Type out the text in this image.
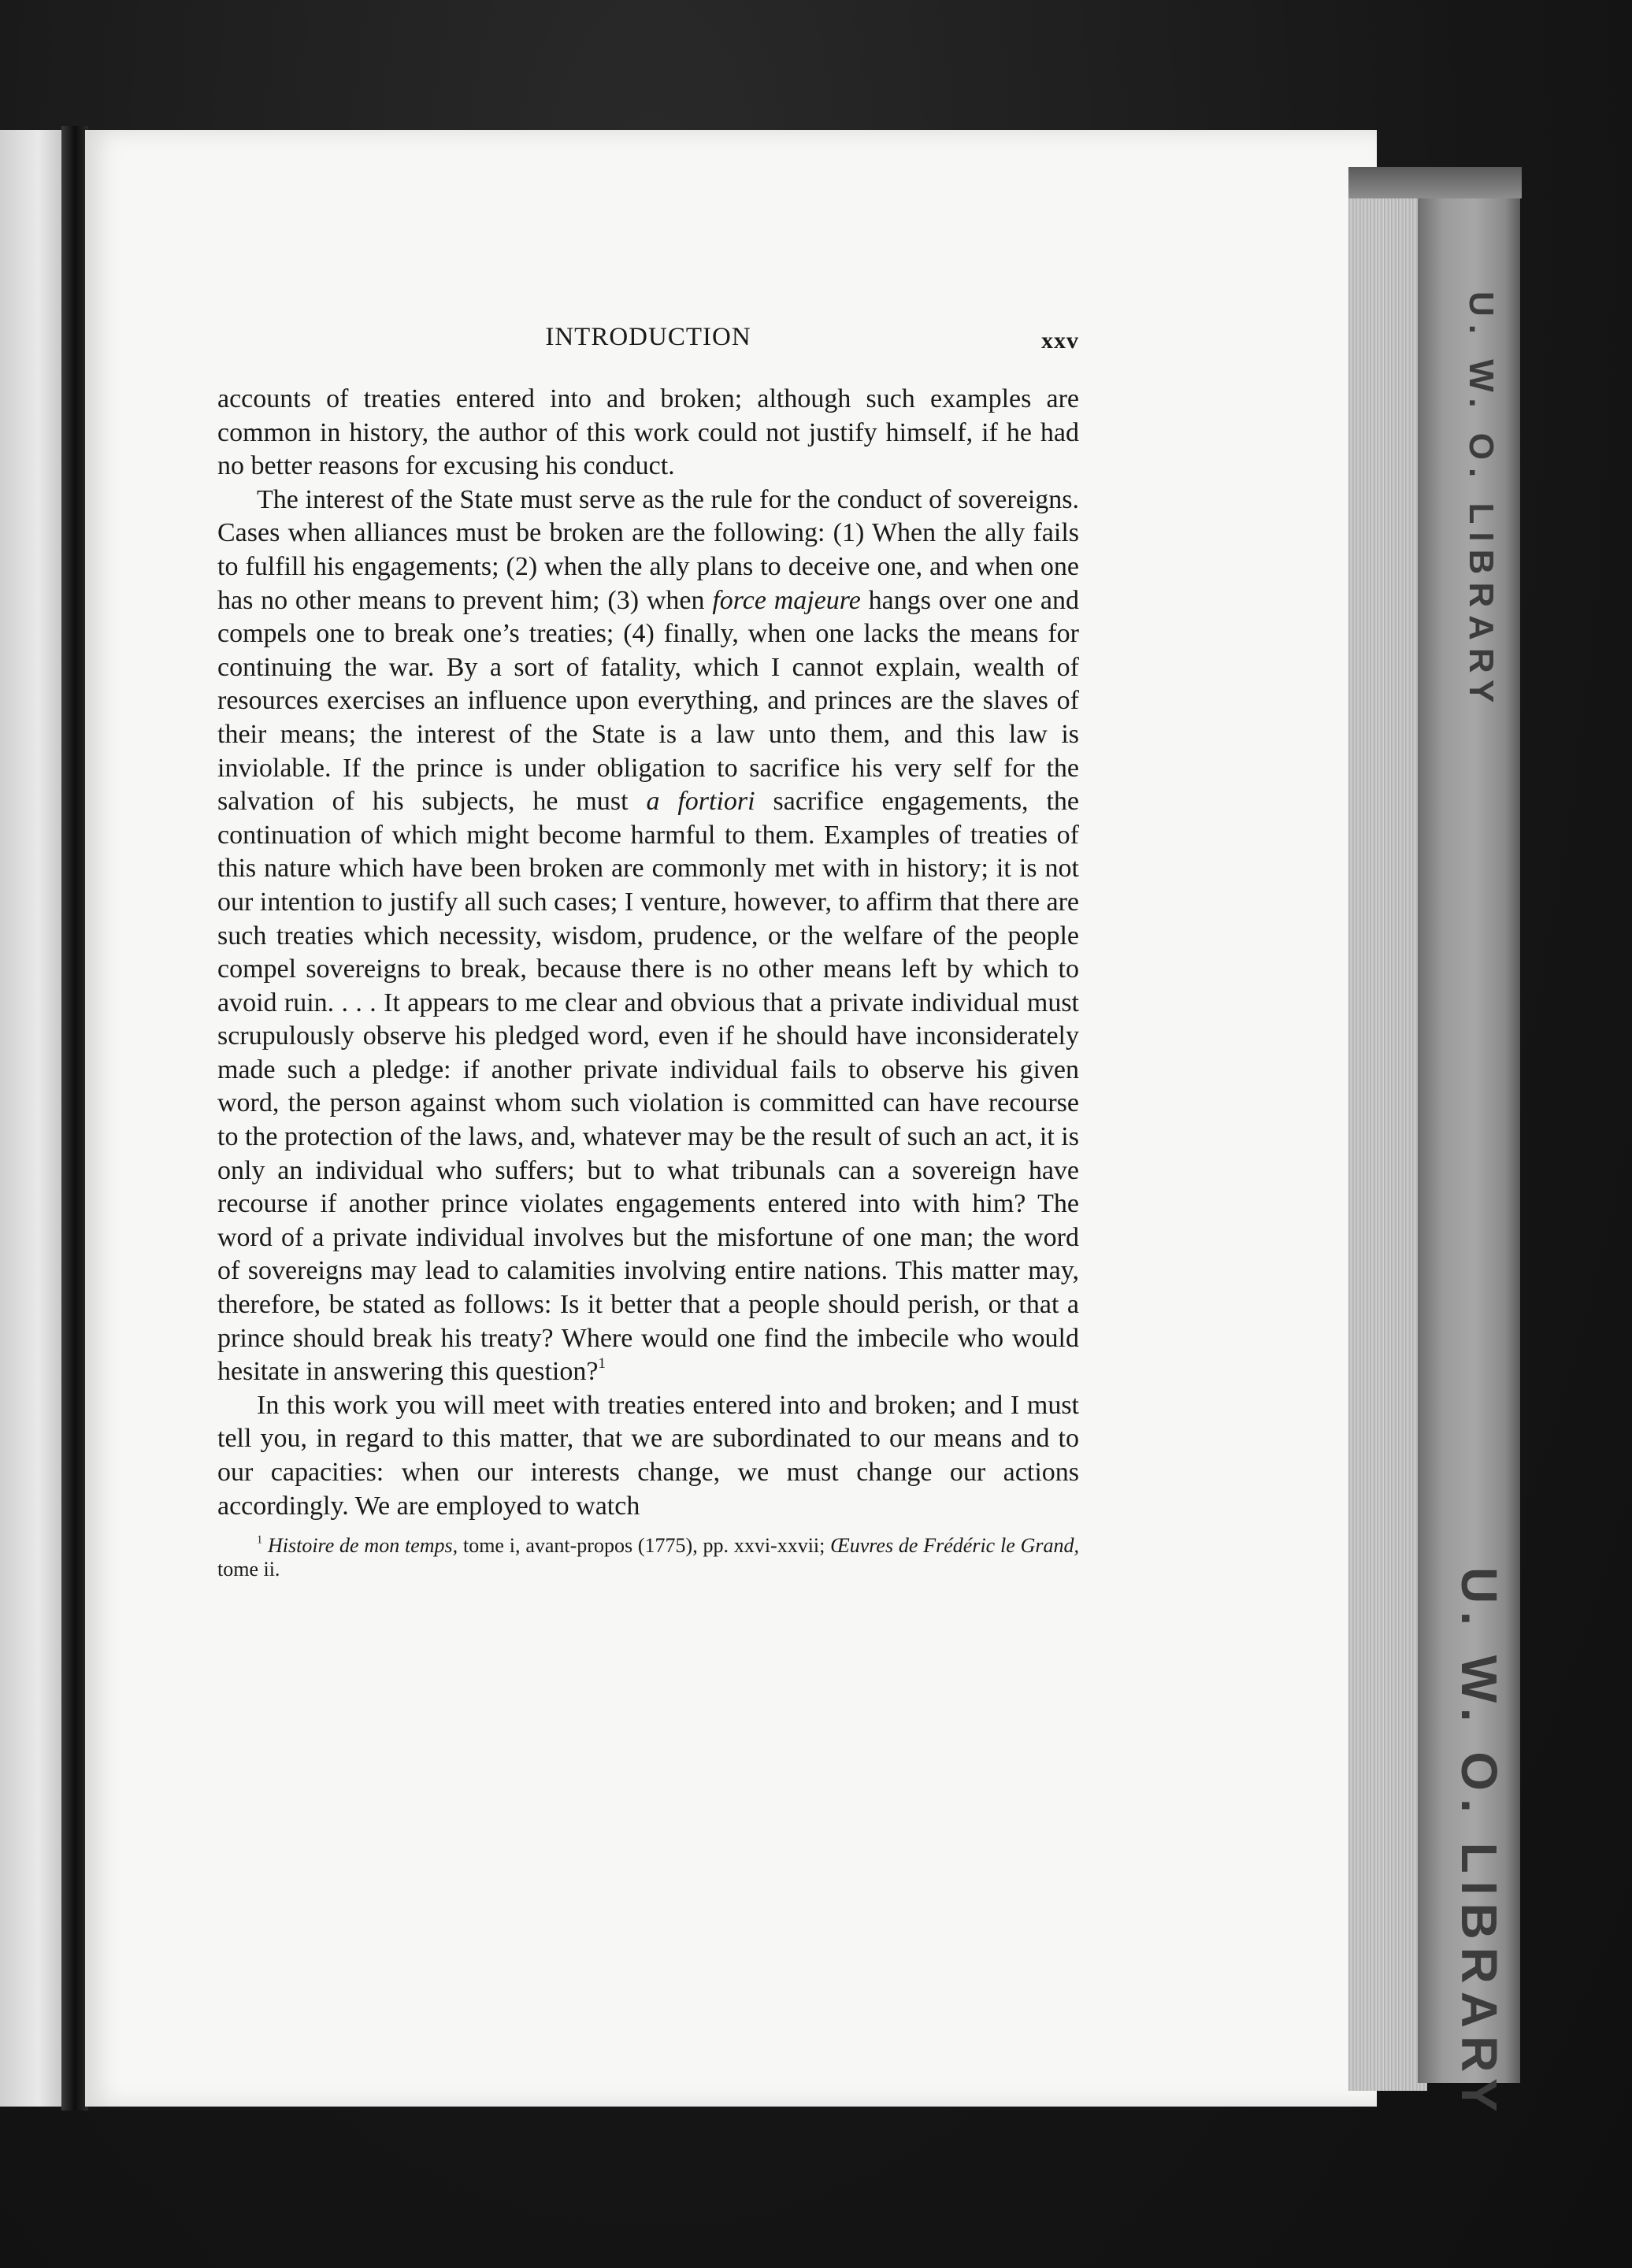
U. W. O. LIBRARY
U. W. O. LIBRARY
INTRODUCTION	xxv

accounts of treaties entered into and broken; although such examples are common in history, the author of this work could not justify himself, if he had no better reasons for excusing his conduct.

The interest of the State must serve as the rule for the conduct of sovereigns. Cases when alliances must be broken are the following: (1) When the ally fails to fulfill his engagements; (2) when the ally plans to deceive one, and when one has no other means to prevent him; (3) when force majeure hangs over one and compels one to break one’s treaties; (4) finally, when one lacks the means for continuing the war. By a sort of fatality, which I cannot explain, wealth of resources exercises an influence upon everything, and princes are the slaves of their means; the interest of the State is a law unto them, and this law is inviolable. If the prince is under obligation to sacrifice his very self for the salvation of his subjects, he must a fortiori sacrifice engagements, the continuation of which might become harmful to them. Examples of treaties of this nature which have been broken are commonly met with in history; it is not our intention to justify all such cases; I venture, however, to affirm that there are such treaties which necessity, wisdom, prudence, or the welfare of the people compel sovereigns to break, because there is no other means left by which to avoid ruin. . . . It appears to me clear and obvious that a private individual must scrupulously observe his pledged word, even if he should have inconsiderately made such a pledge: if another private individual fails to observe his given word, the person against whom such violation is committed can have recourse to the protection of the laws, and, whatever may be the result of such an act, it is only an individual who suffers; but to what tribunals can a sovereign have recourse if another prince violates engagements entered into with him? The word of a private individual involves but the misfortune of one man; the word of sovereigns may lead to calamities involving entire nations. This matter may, therefore, be stated as follows: Is it better that a people should perish, or that a prince should break his treaty? Where would one find the imbecile who would hesitate in answering this question?$^1$

In this work you will meet with treaties entered into and broken; and I must tell you, in regard to this matter, that we are subordinated to our means and to our capacities: when our interests change, we must change our actions accordingly. We are employed to watch

$^1$ Histoire de mon temps, tome i, avant-propos (1775), pp. xxvi-xxvii; Œuvres de Frédéric le Grand, tome ii.
